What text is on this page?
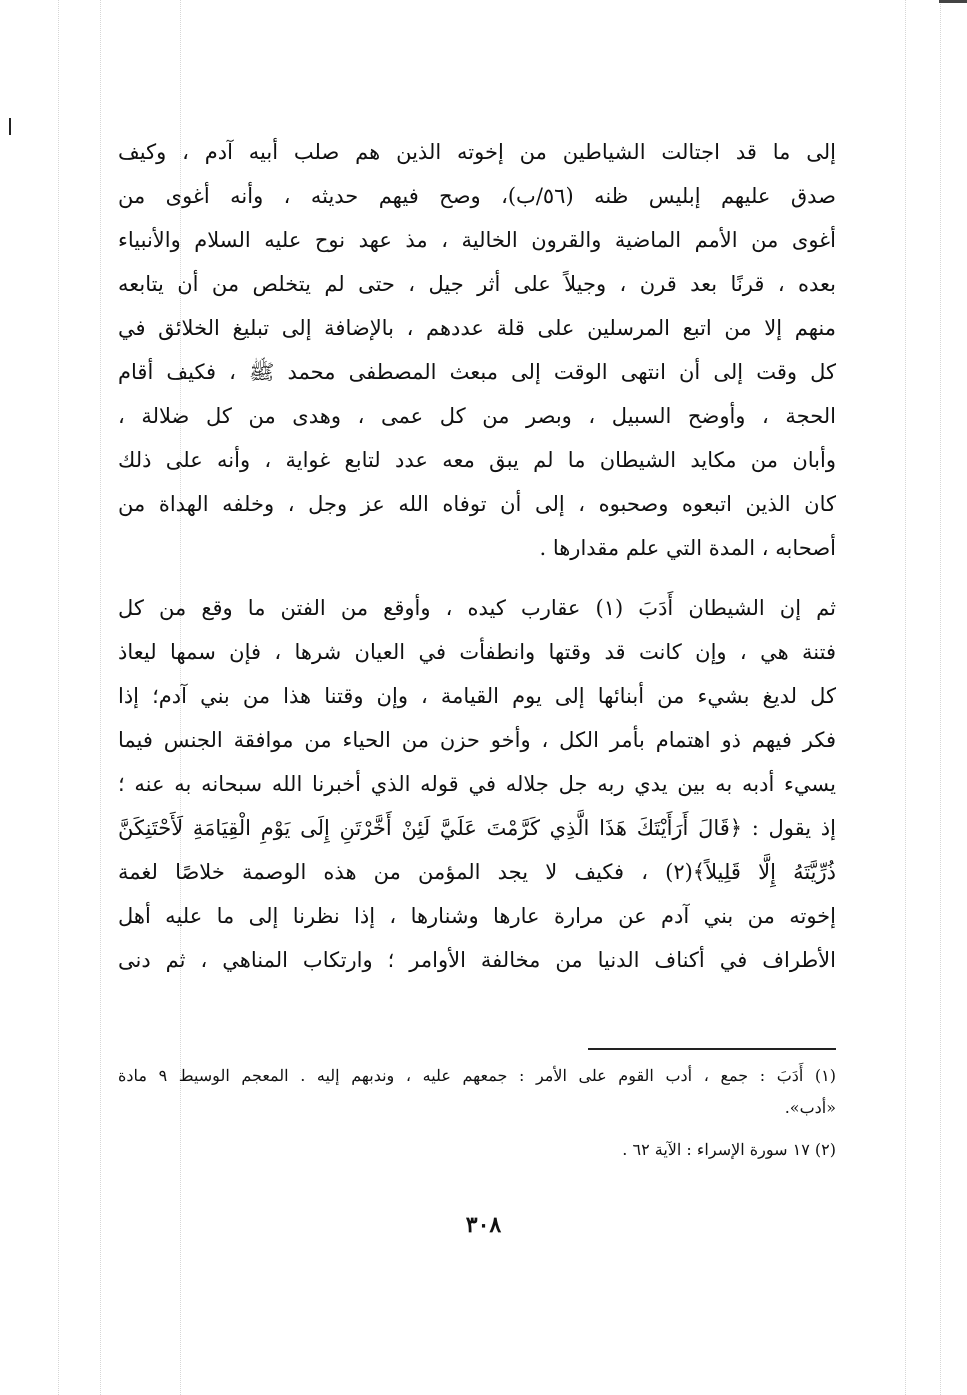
إلى ما قد اجتالت الشياطين من إخوته الذين هم صلب أبيه آدم ، وكيف
صدق عليهم إبليس ظنه (٥٦/ب)، وصح فيهم حديثه ، وأنه أغوى من
أغوى من الأمم الماضية والقرون الخالية ، مذ عهد نوح عليه السلام والأنبياء
بعده ، قرنًا بعد قرن ، وجيلاً على أثر جيل ، حتى لم يتخلص من أن يتابعه
منهم إلا من اتبع المرسلين على قلة عددهم ، بالإضافة إلى تبليغ الخلائق في
كل وقت إلى أن انتهى الوقت إلى مبعث المصطفى محمد ﷺ ، فكيف أقام
الحجة ، وأوضح السبيل ، وبصر من كل عمى ، وهدى من كل ضلالة ،
وأبان من مكايد الشيطان ما لم يبق معه عدد لتابع غواية ، وأنه على ذلك
كان الذين اتبعوه وصحبوه ، إلى أن توفاه الله عز وجل ، وخلفه الهداة من
أصحابه ، المدة التي علم مقدارها .
ثم إن الشيطان أَدَبَ (١) عقارب كيده ، وأوقع من الفتن ما وقع من كل
فتنة هي ، وإن كانت قد وقتها وانطفأت في العيان شرها ، فإن سمها ليعاذ
كل لديغ بشيء من أبنائها إلى يوم القيامة ، وإن وقتنا هذا من بني آدم؛ إذا
فكر فيهم ذو اهتمام بأمر الكل ، وأخو حزن من الحياء من موافقة الجنس فيما
يسيء أدبه به بين يدي ربه جل جلاله في قوله الذي أخبرنا الله سبحانه به عنه ؛
إذ يقول : ﴿قَالَ أَرَأَيْتَكَ هَذَا الَّذِي كَرَّمْتَ عَلَيَّ لَئِنْ أَخَّرْتَنِ إِلَى يَوْمِ الْقِيَامَةِ لَأَحْتَنِكَنَّ
ذُرِّيَّتَهُ إِلَّا قَلِيلاً﴾(٢) ، فكيف لا يجد المؤمن من هذه الوصمة خلاصًا لغمة
إخوته من بني آدم عن مرارة عارها وشنارها ، إذا نظرنا إلى ما عليه أهل
الأطراف في أكناف الدنيا من مخالفة الأوامر ؛ وارتكاب المناهي ، ثم دنى
(١) أَدَبَ : جمع ، أدب القوم على الأمر : جمعهم عليه ، وندبهم إليه . المعجم الوسيط ٩ مادة
«أدب».
(٢) ١٧ سورة الإسراء : الآية ٦٢ .
٣٠٨
